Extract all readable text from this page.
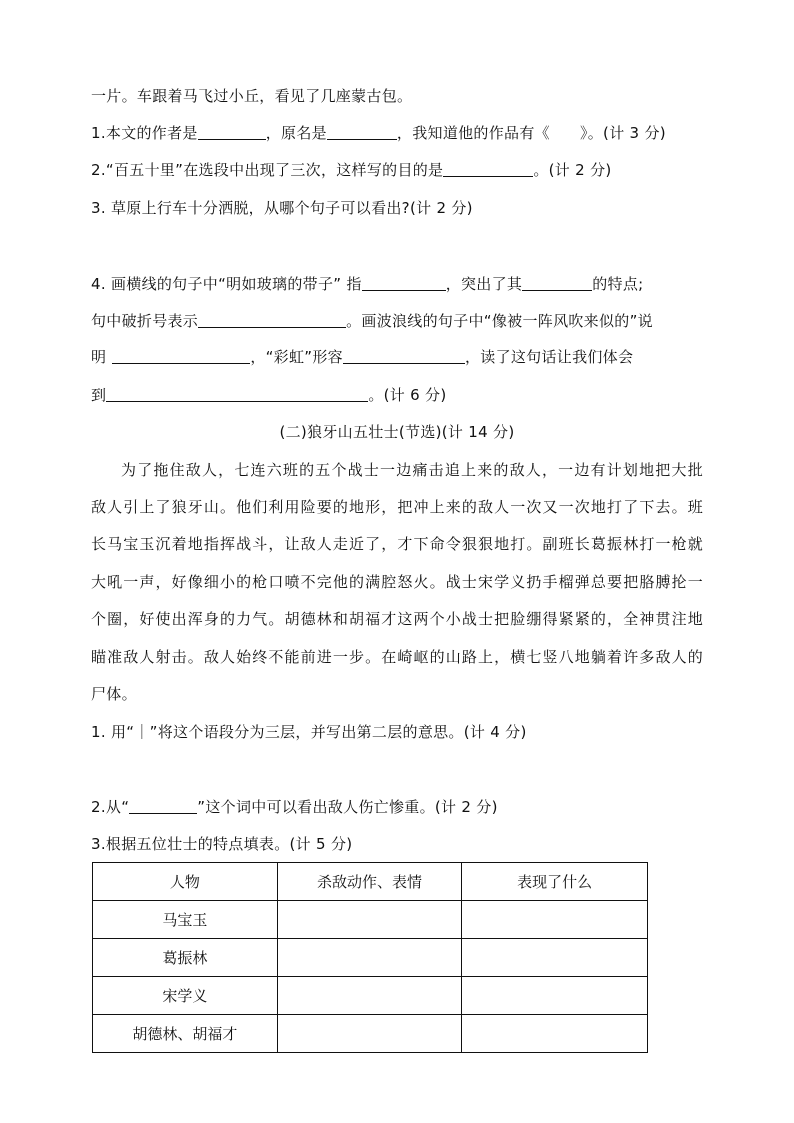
一片。车跟着马飞过小丘，看见了几座蒙古包。
1.本文的作者是	，原名是	，我知道他的作品有《 》。(计 3 分)
2.“百五十里”在选段中出现了三次，这样写的目的是	。(计 2 分)
3. 草原上行车十分洒脱，从哪个句子可以看出?(计 2 分)
4. 画横线的句子中“明如玻璃的带子” 指	，突出了其	的特点;
句中破折号表示	。画波浪线的句子中“像被一阵风吹来似的”说
明	，“彩虹”形容	，读了这句话让我们体会
到	。(计 6 分)
(二)狼牙山五壮士(节选)(计 14 分)
为了拖住敌人，七连六班的五个战士一边痛击追上来的敌人，一边有计划地把大批
敌人引上了狼牙山。他们利用险要的地形，把冲上来的敌人一次又一次地打了下去。班
长马宝玉沉着地指挥战斗，让敌人走近了，才下命令狠狠地打。副班长葛振林打一枪就
大吼一声，好像细小的枪口喷不完他的满腔怒火。战士宋学义扔手榴弹总要把胳膊抡一
个圈，好使出浑身的力气。胡德林和胡福才这两个小战士把脸绷得紧紧的，全神贯注地
瞄准敌人射击。敌人始终不能前进一步。在崎岖的山路上，横七竖八地躺着许多敌人的
尸体。
1. 用“｜”将这个语段分为三层，并写出第二层的意思。(计 4 分)
2.从“	”这个词中可以看出敌人伤亡惨重。(计 2 分)
3.根据五位壮士的特点填表。(计 5 分)
人物	杀敌动作、表情	表现了什么
马宝玉		
葛振林		
宋学义		
胡德林、胡福才		
